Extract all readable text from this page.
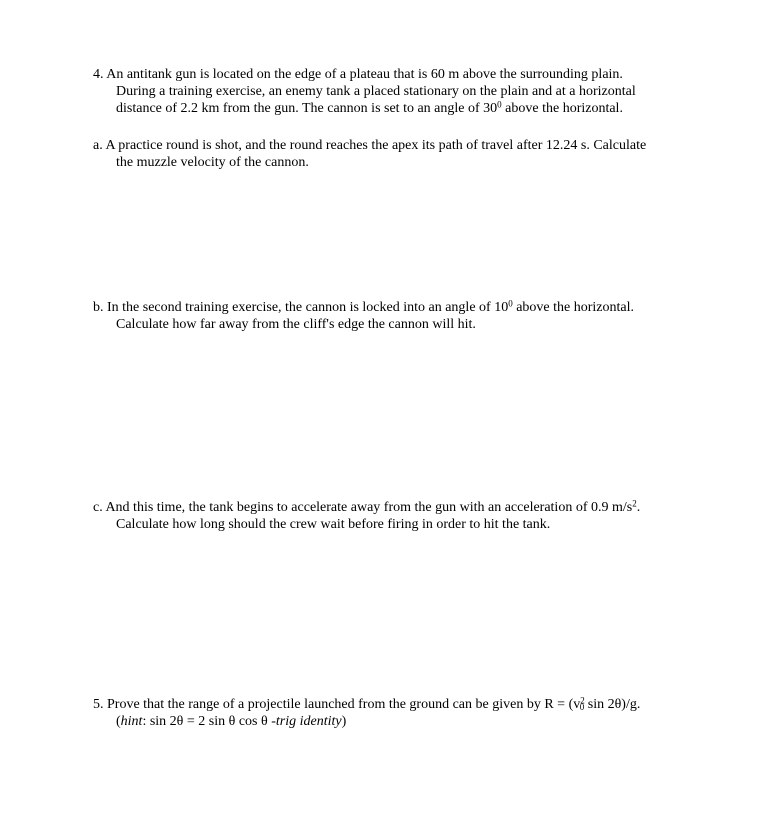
4. An antitank gun is located on the edge of a plateau that is 60 m above the surrounding plain.
During a training exercise, an enemy tank a placed stationary on the plain and at a horizontal
distance of 2.2 km from the gun. The cannon is set to an angle of $30^0$ above the horizontal.

a. A practice round is shot, and the round reaches the apex its path of travel after 12.24 s. Calculate
the muzzle velocity of the cannon.

b. In the second training exercise, the cannon is locked into an angle of $10^0$ above the horizontal.
Calculate how far away from the cliff's edge the cannon will hit.

c. And this time, the tank begins to accelerate away from the gun with an acceleration of 0.9 $m/s^2$.
Calculate how long should the crew wait before firing in order to hit the tank.

5. Prove that the range of a projectile launched from the ground can be given by $R = (v^2_0$ sin 2θ)/g.
(hint: sin 2θ = 2 sin θ cos θ -trig identity)
